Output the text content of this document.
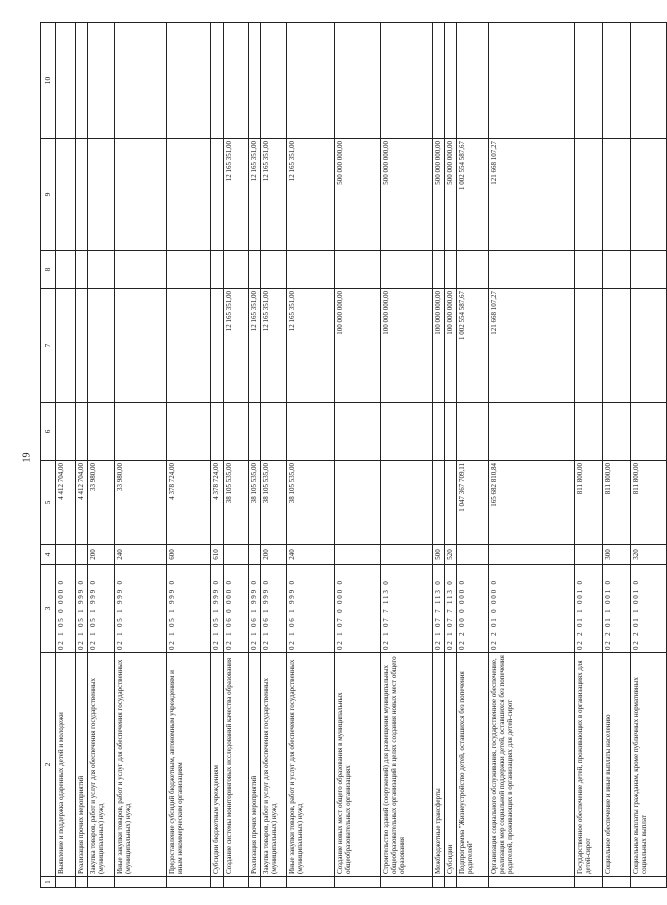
19
1	2	3	4	5	6	7	8	9	10
	Выявление и поддержка одаренных детей и молодежи	02 1 05 0 000 0		4 412 704,00					
	Реализация прочих мероприятий	02 1 05 1 999 0		4 412 704,00					
	Закупка товаров, работ и услуг для обеспечения государственных (муниципальных) нужд	02 1 05 1 999 0	200	33 980,00					
	Иные закупки товаров, работ и услуг для обеспечения государственных (муниципальных) нужд	02 1 05 1 999 0	240	33 980,00					
	Предоставление субсидий бюджетным, автономным учреждениям и иным некоммерческим организациям	02 1 05 1 999 0	600	4 378 724,00					
	Субсидии бюджетным учреждениям	02 1 05 1 999 0	610	4 378 724,00					
	Создание системы мониторинговых исследований качества образования	02 1 06 0 000 0		38 105 535,00		12 165 351,00		12 165 351,00	
	Реализация прочих мероприятий	02 1 06 1 999 0		38 105 535,00		12 165 351,00		12 165 351,00	
	Закупка товаров, работ и услуг для обеспечения государственных (муниципальных) нужд	02 1 06 1 999 0	200	38 105 535,00		12 165 351,00		12 165 351,00	
	Иные закупки товаров, работ и услуг для обеспечения государственных (муниципальных) нужд	02 1 06 1 999 0	240	38 105 535,00		12 165 351,00		12 165 351,00	
	Создание новых мест общего образования в муниципальных общеобразовательных организациях	02 1 07 0 000 0				100 000 000,00		500 000 000,00	
	Строительство зданий (сооружений) для размещения муниципальных общеобразовательных организаций в целях создания новых мест общего образования	02 1 07 7 113 0				100 000 000,00		500 000 000,00	
	Межбюджетные трансферты	02 1 07 7 113 0	500			100 000 000,00		500 000 000,00	
	Субсидии	02 1 07 7 113 0	520			100 000 000,00		500 000 000,00	
	Подпрограмма "Жизнеустройство детей, оставшихся без попечения родителей"	02 2 00 0 000 0		1 047 367 709,11		1 002 554 587,67		1 002 554 587,67	
	Организация социального обслуживания, государственное обеспечение, реализация мер социальной поддержки детей, оставшихся без попечения родителей, проживающих в организациях для детей-сирот	02 2 01 0 000 0		165 682 810,84		121 668 107,27		121 668 107,27	
	Государственное обеспечение детей, проживающих в организациях для детей-сирот	02 2 01 1 001 0		811 800,00					
	Социальное обеспечение и иные выплаты населению	02 2 01 1 001 0	300	811 800,00					
	Социальные выплаты гражданам, кроме публичных нормативных социальных выплат	02 2 01 1 001 0	320	811 800,00					
